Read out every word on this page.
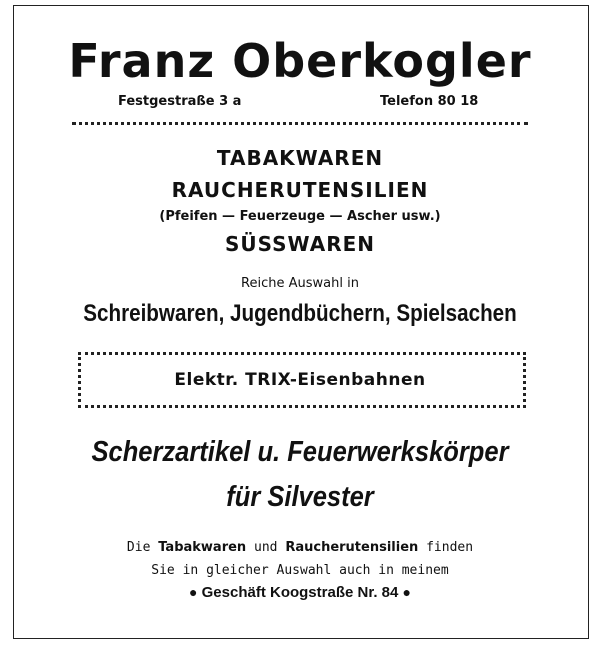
Franz Oberkogler
Festgestraße 3 a	Telefon 80 18
TABAKWAREN
RAUCHERUTENSILIEN
(Pfeifen — Feuerzeuge — Ascher usw.)
SÜSSWAREN
Reiche Auswahl in
Schreibwaren, Jugendbüchern, Spielsachen
Elektr. TRIX-Eisenbahnen
Scherzartikel u. Feuerwerkskörper
für Silvester
Die Tabakwaren und Raucherutensilien finden
Sie in gleicher Auswahl auch in meinem
● Geschäft Koogstraße Nr. 84 ●
